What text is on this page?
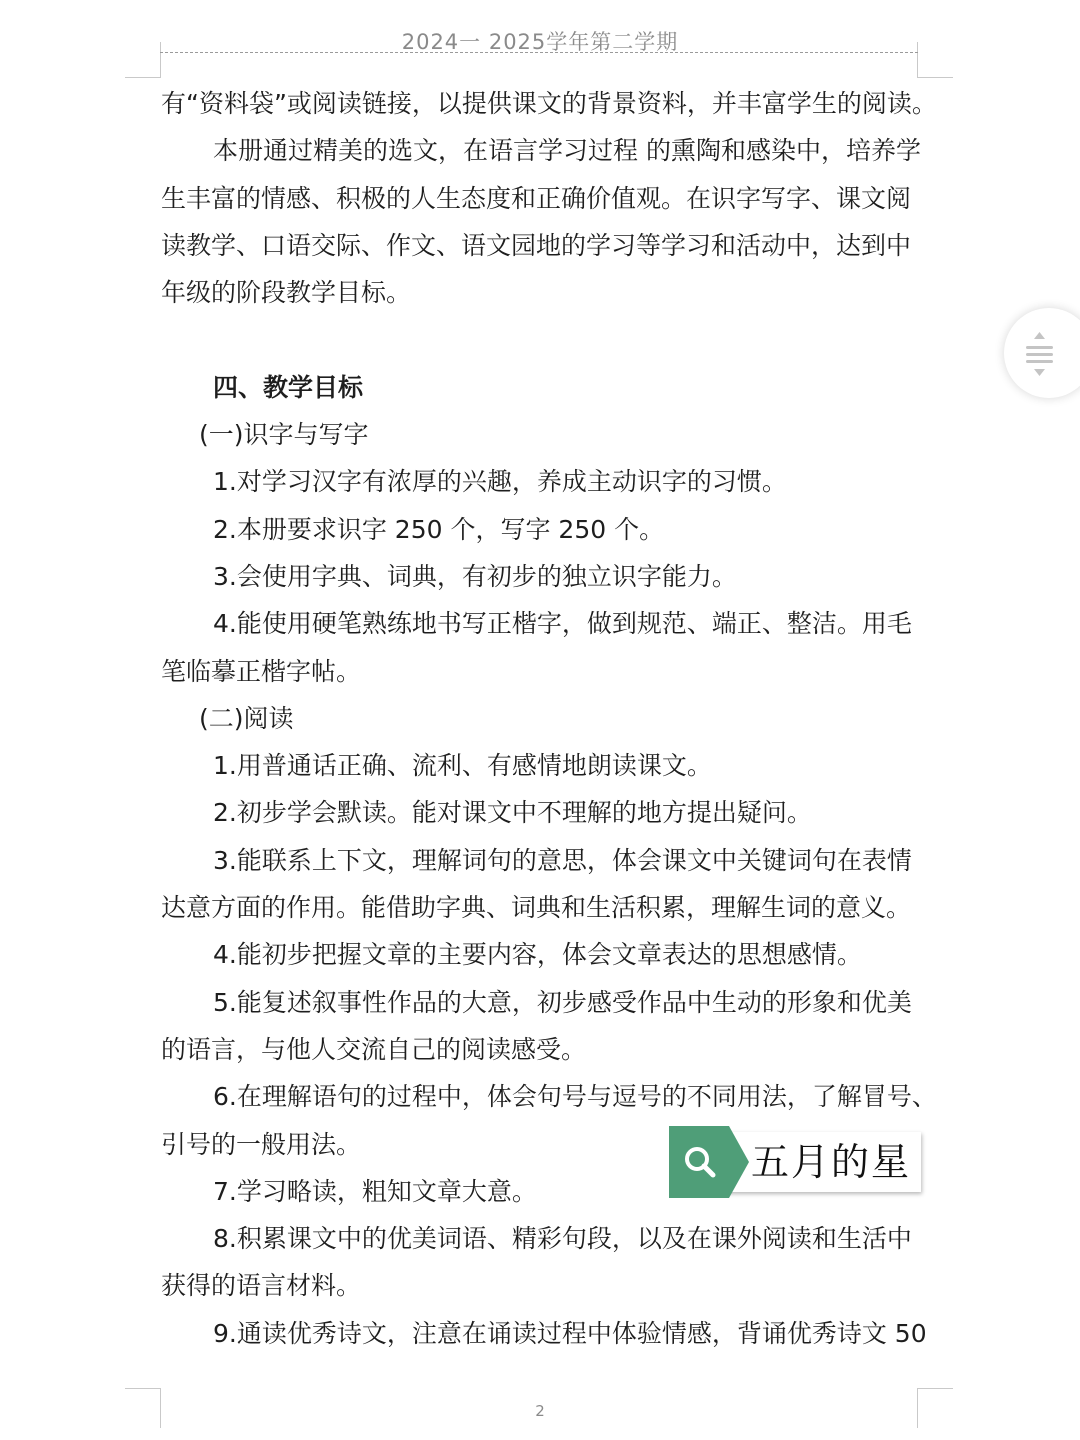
2024一 2025学年第二学期
有“资料袋”或阅读链接，以提供课文的背景资料，并丰富学生的阅读。
本册通过精美的选文，在语言学习过程 的熏陶和感染中，培养学
生丰富的情感、积极的人生态度和正确价值观。在识字写字、课文阅
读教学、口语交际、作文、语文园地的学习等学习和活动中，达到中
年级的阶段教学目标。
四、教学目标
(一)识字与写字
1.对学习汉字有浓厚的兴趣，养成主动识字的习惯。
2.本册要求识字 250 个，写字 250 个。
3.会使用字典、词典，有初步的独立识字能力。
4.能使用硬笔熟练地书写正楷字，做到规范、端正、整洁。用毛
笔临摹正楷字帖。
(二)阅读
1.用普通话正确、流利、有感情地朗读课文。
2.初步学会默读。能对课文中不理解的地方提出疑问。
3.能联系上下文，理解词句的意思，体会课文中关键词句在表情
达意方面的作用。能借助字典、词典和生活积累，理解生词的意义。
4.能初步把握文章的主要内容，体会文章表达的思想感情。
5.能复述叙事性作品的大意，初步感受作品中生动的形象和优美
的语言，与他人交流自己的阅读感受。
6.在理解语句的过程中，体会句号与逗号的不同用法，了解冒号、
引号的一般用法。
7.学习略读，粗知文章大意。
8.积累课文中的优美词语、精彩句段，以及在课外阅读和生活中
获得的语言材料。
9.通读优秀诗文，注意在诵读过程中体验情感，背诵优秀诗文 50
2
五月的星
